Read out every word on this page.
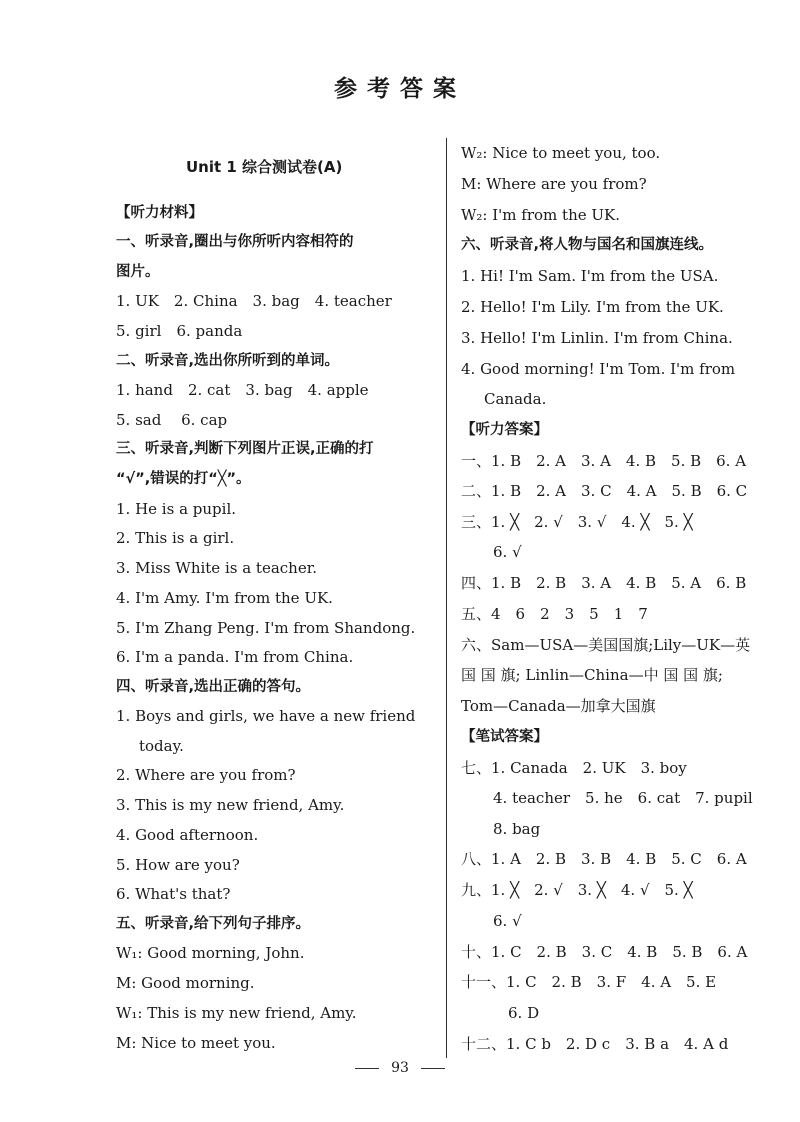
参考答案
Unit 1 综合测试卷(A)
【听力材料】
一、听录音,圈出与你所听内容相符的
图片。
1. UK　2. China　3. bag　4. teacher
5. girl　6. panda
二、听录音,选出你所听到的单词。
1. hand　2. cat　3. bag　4. apple
5. sad　 6. cap
三、听录音,判断下列图片正误,正确的打
“√”,错误的打“╳”。
1. He is a pupil.
2. This is a girl.
3. Miss White is a teacher.
4. I'm Amy. I'm from the UK.
5. I'm Zhang Peng. I'm from Shandong.
6. I'm a panda. I'm from China.
四、听录音,选出正确的答句。
1. Boys and girls, we have a new friend
today.
2. Where are you from?
3. This is my new friend, Amy.
4. Good afternoon.
5. How are you?
6. What's that?
五、听录音,给下列句子排序。
W₁: Good morning, John.
M: Good morning.
W₁: This is my new friend, Amy.
M: Nice to meet you.
W₂: Nice to meet you, too.
M: Where are you from?
W₂: I'm from the UK.
六、听录音,将人物与国名和国旗连线。
1. Hi! I'm Sam. I'm from the USA.
2. Hello! I'm Lily. I'm from the UK.
3. Hello! I'm Linlin. I'm from China.
4. Good morning! I'm Tom. I'm from
Canada.
【听力答案】
一、1. B　2. A　3. A　4. B　5. B　6. A
二、1. B　2. A　3. C　4. A　5. B　6. C
三、1. ╳　2. √　3. √　4. ╳　5. ╳
6. √
四、1. B　2. B　3. A　4. B　5. A　6. B
五、4　6　2　3　5　1　7
六、Sam—USA—美国国旗;Lily—UK—英
国 国 旗; Linlin—China—中 国 国 旗;
Tom—Canada—加拿大国旗
【笔试答案】
七、1. Canada　2. UK　3. boy
4. teacher　5. he　6. cat　7. pupil
8. bag
八、1. A　2. B　3. B　4. B　5. C　6. A
九、1. ╳　2. √　3. ╳　4. √　5. ╳
6. √
十、1. C　2. B　3. C　4. B　5. B　6. A
十一、1. C　2. B　3. F　4. A　5. E
6. D
十二、1. C b　2. D c　3. B a　4. A d
93
